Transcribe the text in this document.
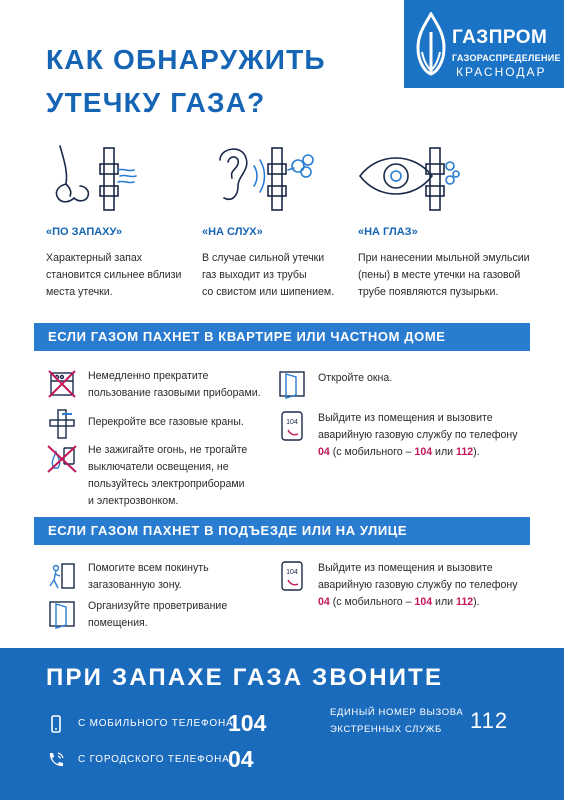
КАК ОБНАРУЖИТЬ
УТЕЧКУ ГАЗА?
ГАЗПРОМ
ГАЗОРАСПРЕДЕЛЕНИЕ
КРАСНОДАР
«ПО ЗАПАХУ»
Характерный запах
становится сильнее вблизи
места утечки.
«НА СЛУХ»
В случае сильной утечки
газ выходит из трубы
со свистом или шипением.
«НА ГЛАЗ»
При нанесении мыльной эмульсии
(пены) в месте утечки на газовой
трубе появляются пузырьки.
ЕСЛИ ГАЗОМ ПАХНЕТ В КВАРТИРЕ ИЛИ ЧАСТНОМ ДОМЕ
Немедленно прекратите
пользование газовыми приборами.
Перекройте все газовые краны.
Не зажигайте огонь, не трогайте
выключатели освещения, не
пользуйтесь электроприборами
и электрозвонком.
Откройте окна.
104 Выйдите из помещения и вызовите
аварийную газовую службу по телефону
04 (с мобильного – 104 или 112).
ЕСЛИ ГАЗОМ ПАХНЕТ В ПОДЪЕЗДЕ ИЛИ НА УЛИЦЕ
Помогите всем покинуть
загазованную зону.
Организуйте проветривание
помещения.
104 Выйдите из помещения и вызовите
аварийную газовую службу по телефону
04 (с мобильного – 104 или 112).
ПРИ ЗАПАХЕ ГАЗА ЗВОНИТЕ
С МОБИЛЬНОГО ТЕЛЕФОНА
104
С ГОРОДСКОГО ТЕЛЕФОНА
04
ЕДИНЫЙ НОМЕР ВЫЗОВА
ЭКСТРЕННЫХ СЛУЖБ	112
